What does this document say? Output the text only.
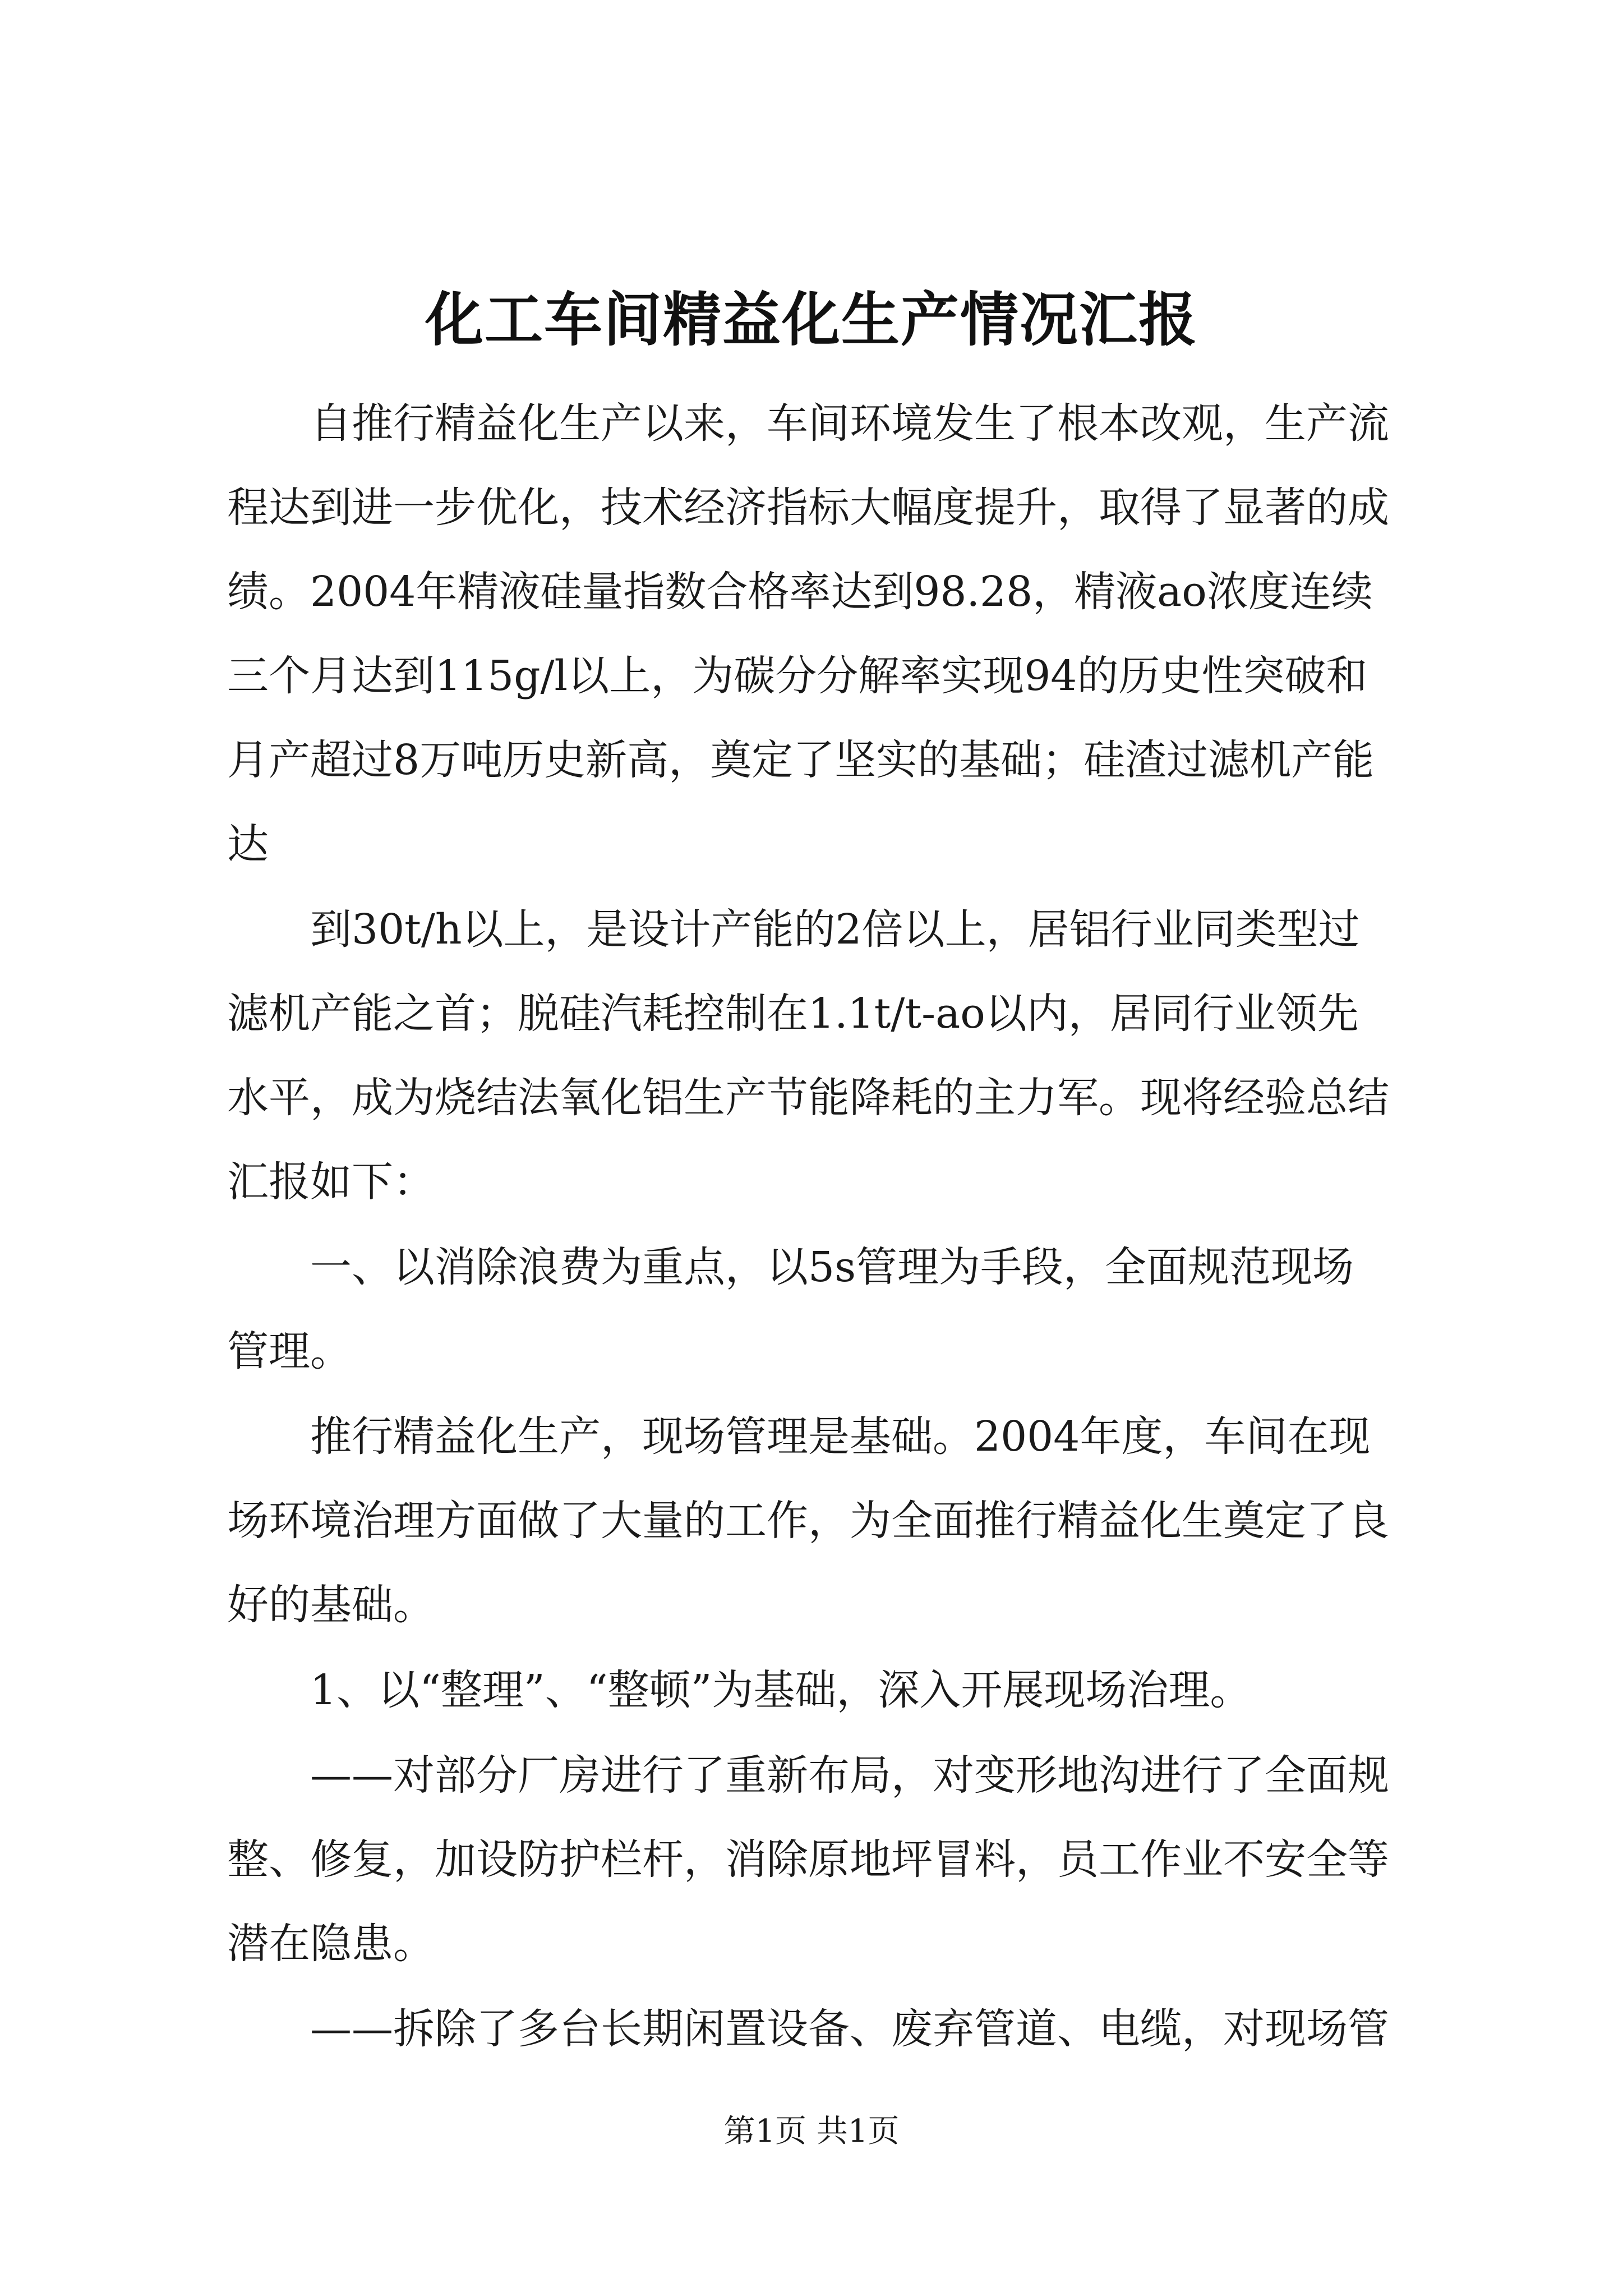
化工车间精益化生产情况汇报
自推行精益化生产以来，车间环境发生了根本改观，生产流
程达到进一步优化，技术经济指标大幅度提升，取得了显著的成
绩。2004年精液硅量指数合格率达到98.28，精液ao浓度连续
三个月达到115g/l以上，为碳分分解率实现94的历史性突破和
月产超过8万吨历史新高，奠定了坚实的基础；硅渣过滤机产能
达
到30t/h以上，是设计产能的2倍以上，居铝行业同类型过
滤机产能之首；脱硅汽耗控制在1.1t/t-ao以内，居同行业领先
水平，成为烧结法氧化铝生产节能降耗的主力军。现将经验总结
汇报如下：
一、以消除浪费为重点，以5s管理为手段，全面规范现场
管理。
推行精益化生产，现场管理是基础。2004年度，车间在现
场环境治理方面做了大量的工作，为全面推行精益化生奠定了良
好的基础。
1、以“整理”、“整顿”为基础，深入开展现场治理。
——对部分厂房进行了重新布局，对变形地沟进行了全面规
整、修复，加设防护栏杆，消除原地坪冒料，员工作业不安全等
潜在隐患。
——拆除了多台长期闲置设备、废弃管道、电缆，对现场管
第1页 共1页
